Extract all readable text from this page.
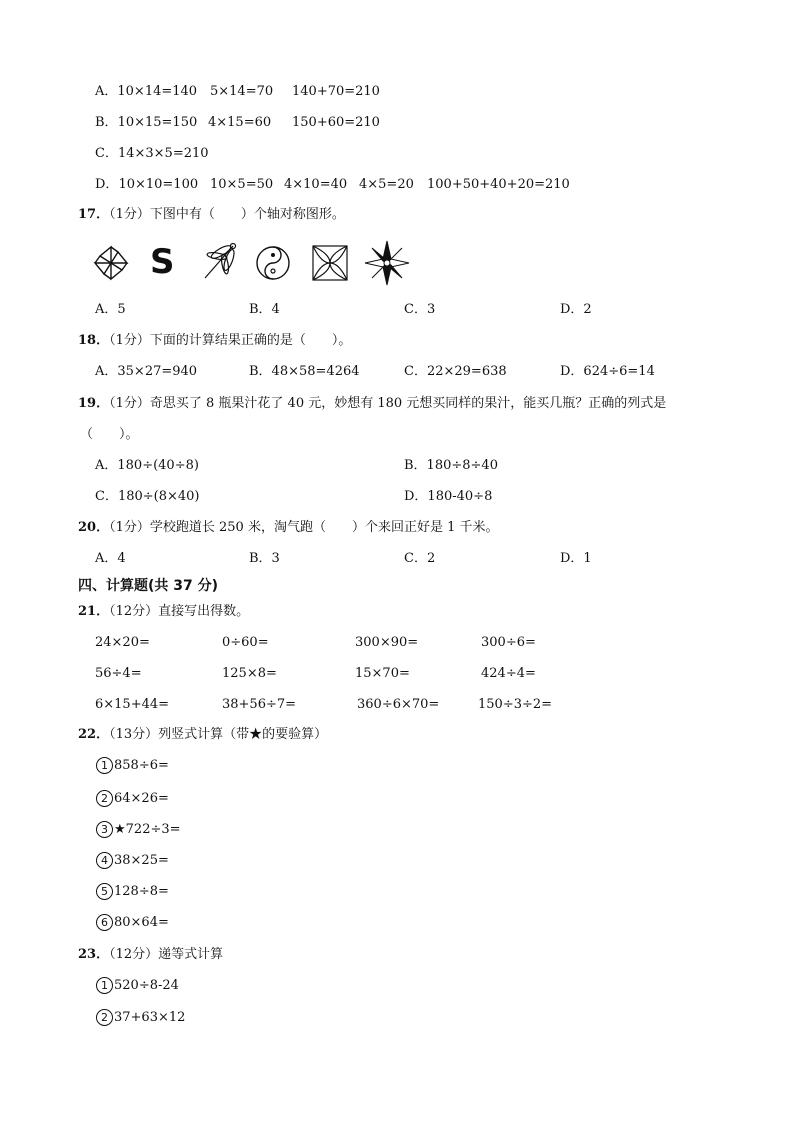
A．10×14=140 5×14=70 140+70=210
B．10×15=150 4×15=60 150+60=210
C．14×3×5=210
D．10×10=100 10×5=50 4×10=40 4×5=20 100+50+40+20=210
17．（1分）下图中有（　　）个轴对称图形。
S
A．5	B．4	C．3	D．2
18．（1分）下面的计算结果正确的是（　　）。
A．35×27=940	B．48×58=4264	C．22×29=638	D．624÷6=14
19．（1分）奇思买了 8 瓶果汁花了 40 元，妙想有 180 元想买同样的果汁，能买几瓶？正确的列式是
（　　）。
A．180÷(40÷8)	B．180÷8÷40
C．180÷(8×40)	D．180-40÷8
20．（1分）学校跑道长 250 米，淘气跑（　　）个来回正好是 1 千米。
A．4	B．3	C．2	D．1
四、计算题(共 37 分)
21．（12分）直接写出得数。
24×20=	0÷60=	300×90=	300÷6=
56÷4=	125×8=	15×70=	424÷4=
6×15+44=	38+56÷7=	360÷6×70=	150÷3÷2=
22．（13分）列竖式计算（带★的要验算）
1 858÷6=
2 64×26=
3 ★722÷3=
4 38×25=
5 128÷8=
6 80×64=
23．（12分）递等式计算
1 520÷8-24
2 37+63×12
